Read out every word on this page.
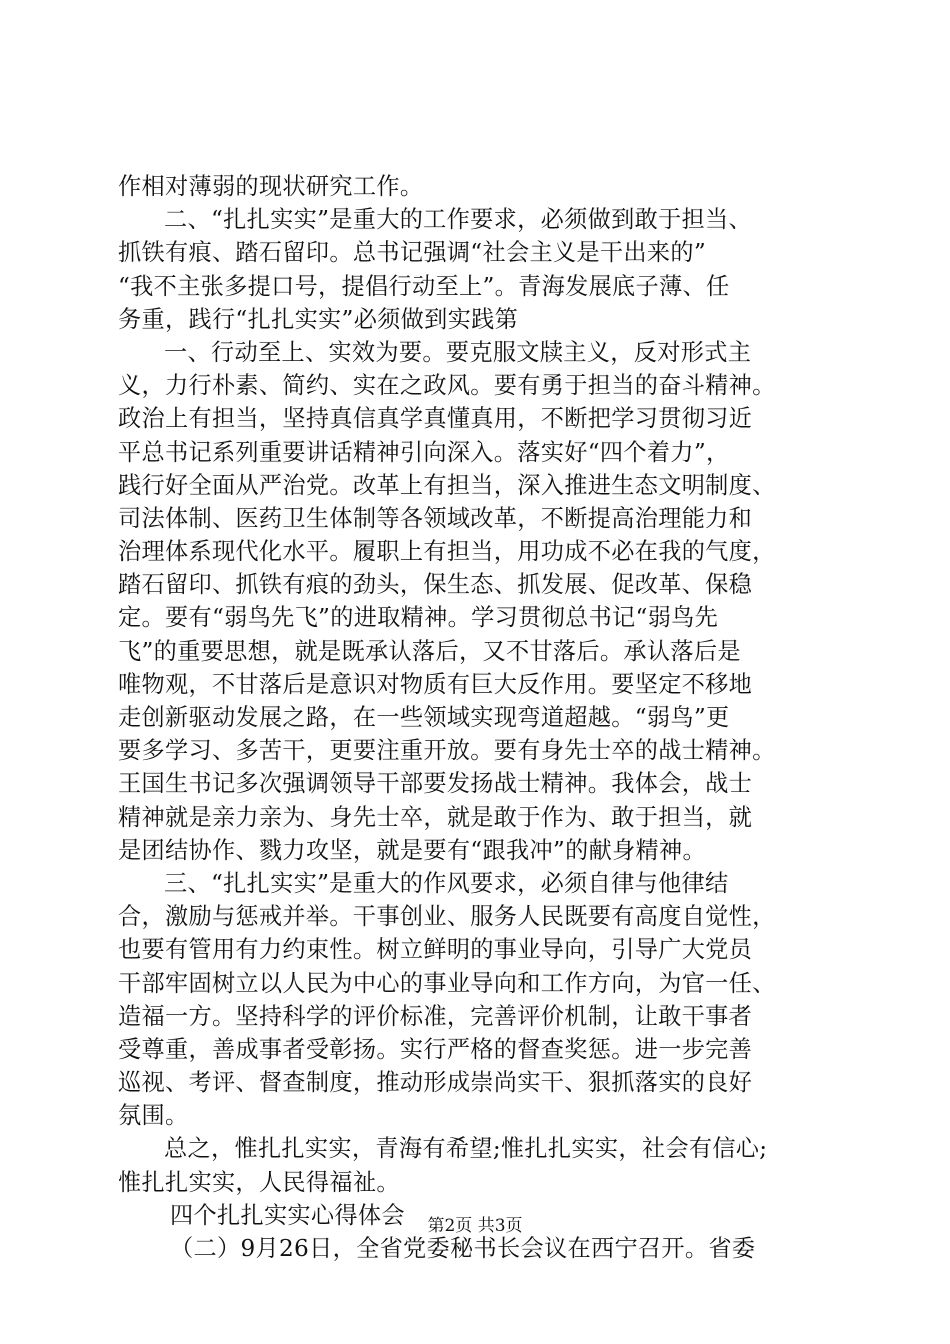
作相对薄弱的现状研究工作。
二、“扎扎实实”是重大的工作要求，必须做到敢于担当、
抓铁有痕、踏石留印。总书记强调“社会主义是干出来的”
“我不主张多提口号，提倡行动至上”。青海发展底子薄、任
务重，践行“扎扎实实”必须做到实践第
一、行动至上、实效为要。要克服文牍主义，反对形式主
义，力行朴素、简约、实在之政风。要有勇于担当的奋斗精神。
政治上有担当，坚持真信真学真懂真用，不断把学习贯彻习近
平总书记系列重要讲话精神引向深入。落实好“四个着力”，
践行好全面从严治党。改革上有担当，深入推进生态文明制度、
司法体制、医药卫生体制等各领域改革，不断提高治理能力和
治理体系现代化水平。履职上有担当，用功成不必在我的气度，
踏石留印、抓铁有痕的劲头，保生态、抓发展、促改革、保稳
定。要有“弱鸟先飞”的进取精神。学习贯彻总书记“弱鸟先
飞”的重要思想，就是既承认落后，又不甘落后。承认落后是
唯物观，不甘落后是意识对物质有巨大反作用。要坚定不移地
走创新驱动发展之路，在一些领域实现弯道超越。“弱鸟”更
要多学习、多苦干，更要注重开放。要有身先士卒的战士精神。
王国生书记多次强调领导干部要发扬战士精神。我体会，战士
精神就是亲力亲为、身先士卒，就是敢于作为、敢于担当，就
是团结协作、戮力攻坚，就是要有“跟我冲”的献身精神。
三、“扎扎实实”是重大的作风要求，必须自律与他律结
合，激励与惩戒并举。干事创业、服务人民既要有高度自觉性，
也要有管用有力约束性。树立鲜明的事业导向，引导广大党员
干部牢固树立以人民为中心的事业导向和工作方向，为官一任、
造福一方。坚持科学的评价标准，完善评价机制，让敢干事者
受尊重，善成事者受彰扬。实行严格的督查奖惩。进一步完善
巡视、考评、督查制度，推动形成崇尚实干、狠抓落实的良好
氛围。
总之，惟扎扎实实，青海有希望;惟扎扎实实，社会有信心;
惟扎扎实实，人民得福祉。
四个扎扎实实心得体会
（二）9月26日，全省党委秘书长会议在西宁召开。省委
第2页 共3页
